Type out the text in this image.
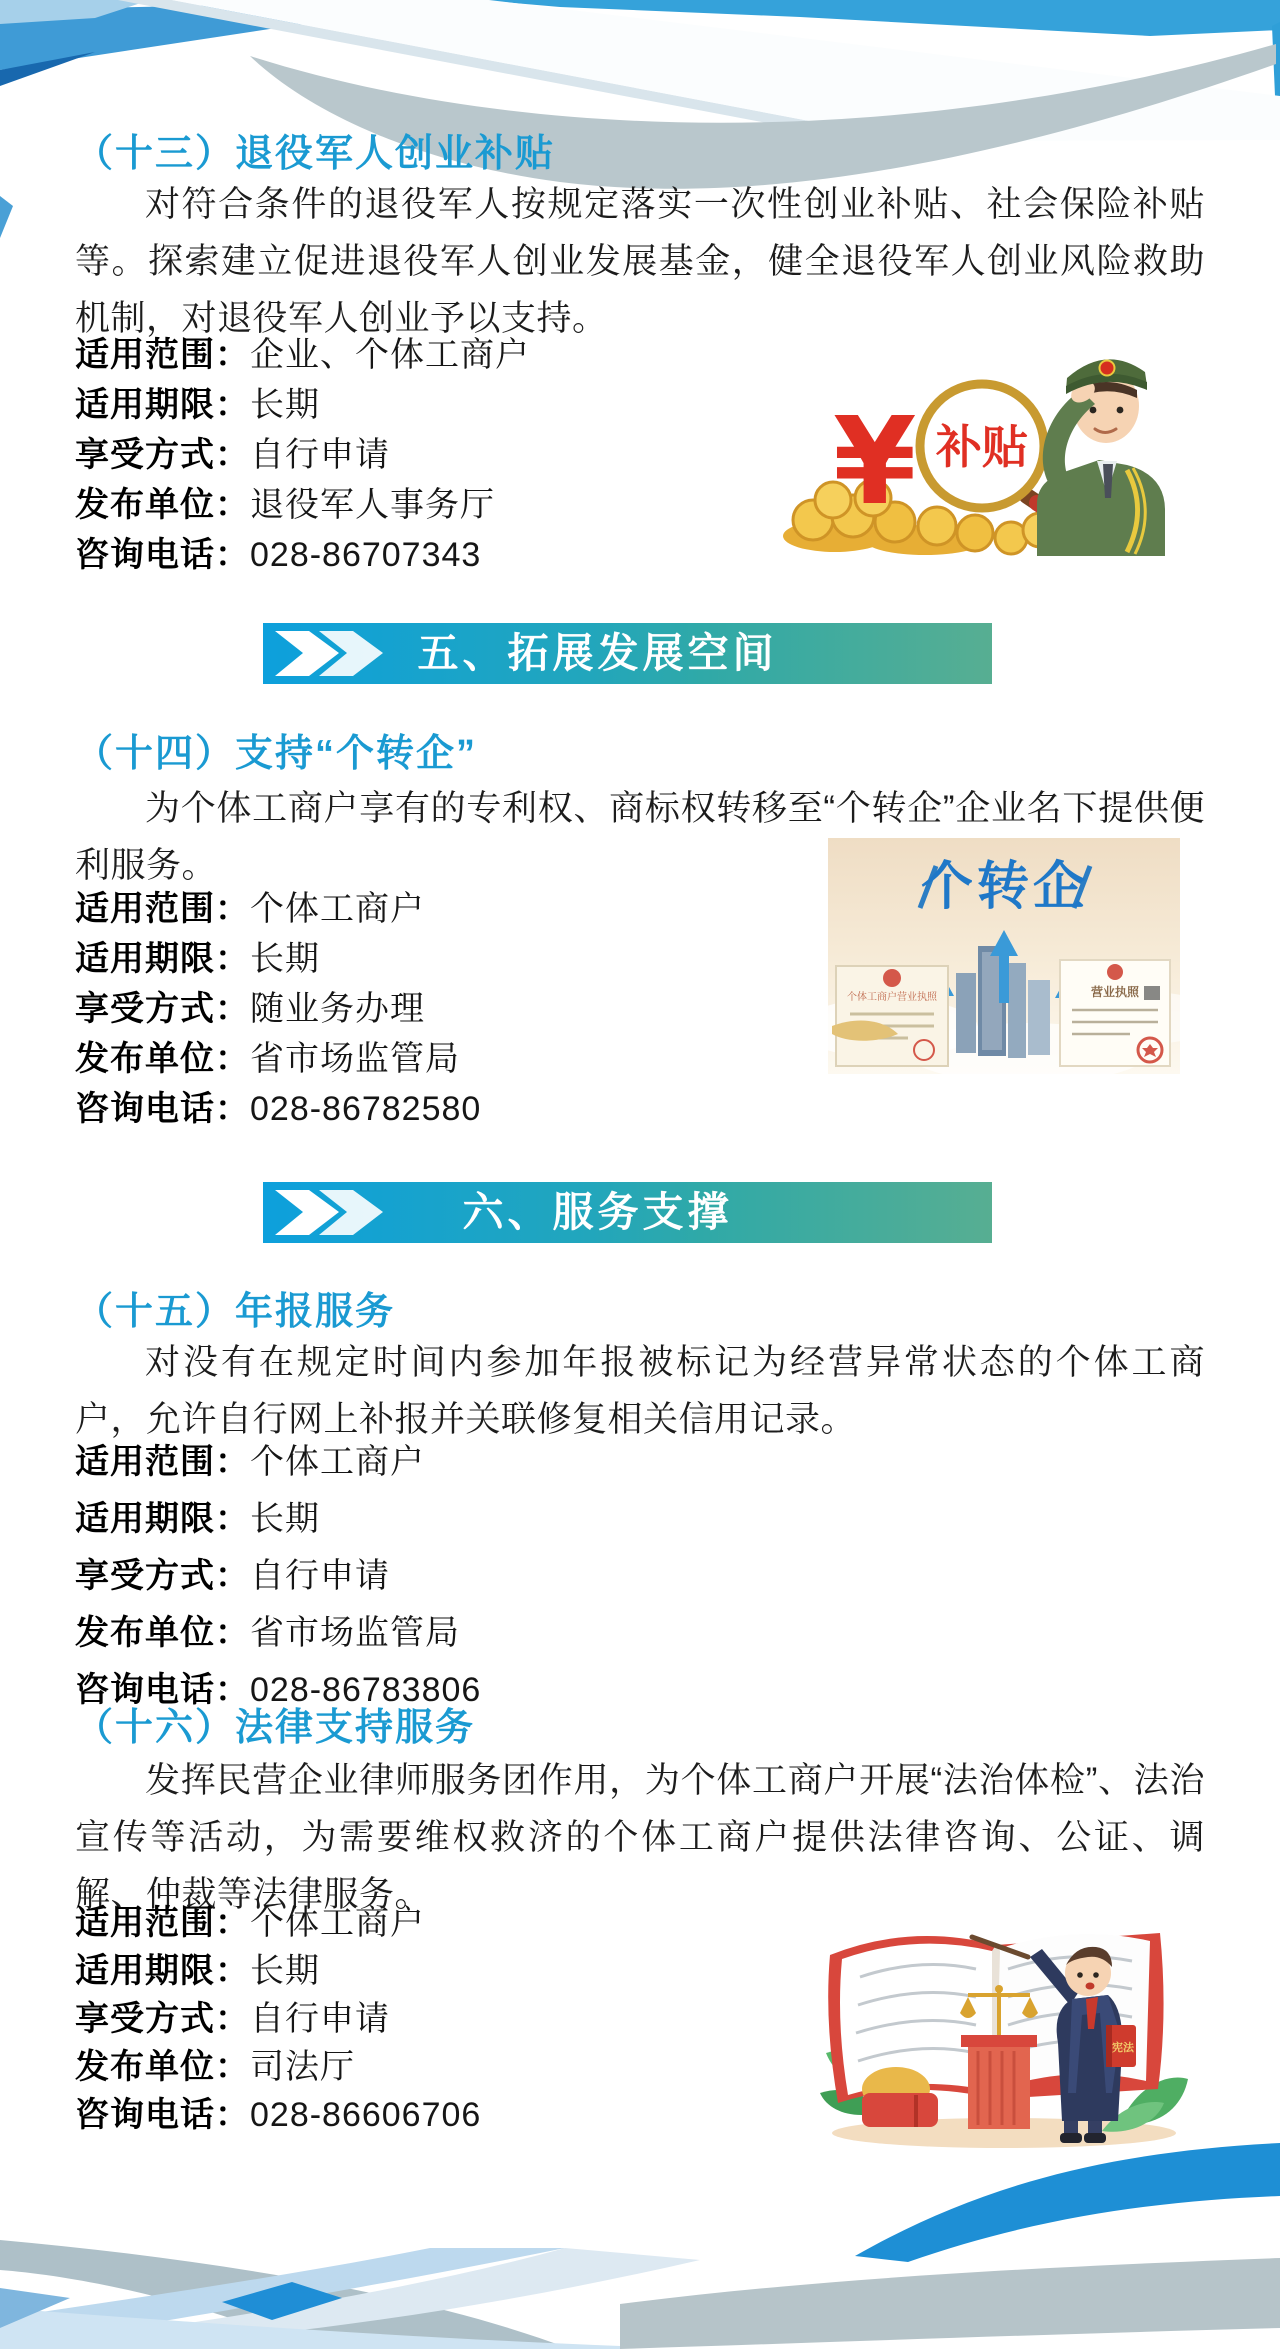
（十三）退役军人创业补贴
对符合条件的退役军人按规定落实一次性创业补贴、社会保险补贴等。探索建立促进退役军人创业发展基金，健全退役军人创业风险救助机制，对退役军人创业予以支持。
适用范围：企业、个体工商户
适用期限：长期
享受方式：自行申请
发布单位：退役军人事务厅
咨询电话：028-86707343
¥ 补贴
五、拓展发展空间
（十四）支持“个转企”
为个体工商户享有的专利权、商标权转移至“个转企”企业名下提供便利服务。
适用范围：个体工商户
适用期限：长期
享受方式：随业务办理
发布单位：省市场监管局
咨询电话：028-86782580
个转企
个体工商户营业执照	营业执照
六、服务支撑
（十五）年报服务
对没有在规定时间内参加年报被标记为经营异常状态的个体工商户，允许自行网上补报并关联修复相关信用记录。
适用范围：个体工商户
适用期限：长期
享受方式：自行申请
发布单位：省市场监管局
咨询电话：028-86783806
（十六）法律支持服务
发挥民营企业律师服务团作用，为个体工商户开展“法治体检”、法治宣传等活动，为需要维权救济的个体工商户提供法律咨询、公证、调解、仲裁等法律服务。
适用范围：个体工商户
适用期限：长期
享受方式：自行申请
发布单位：司法厅
咨询电话：028-86606706
宪法
